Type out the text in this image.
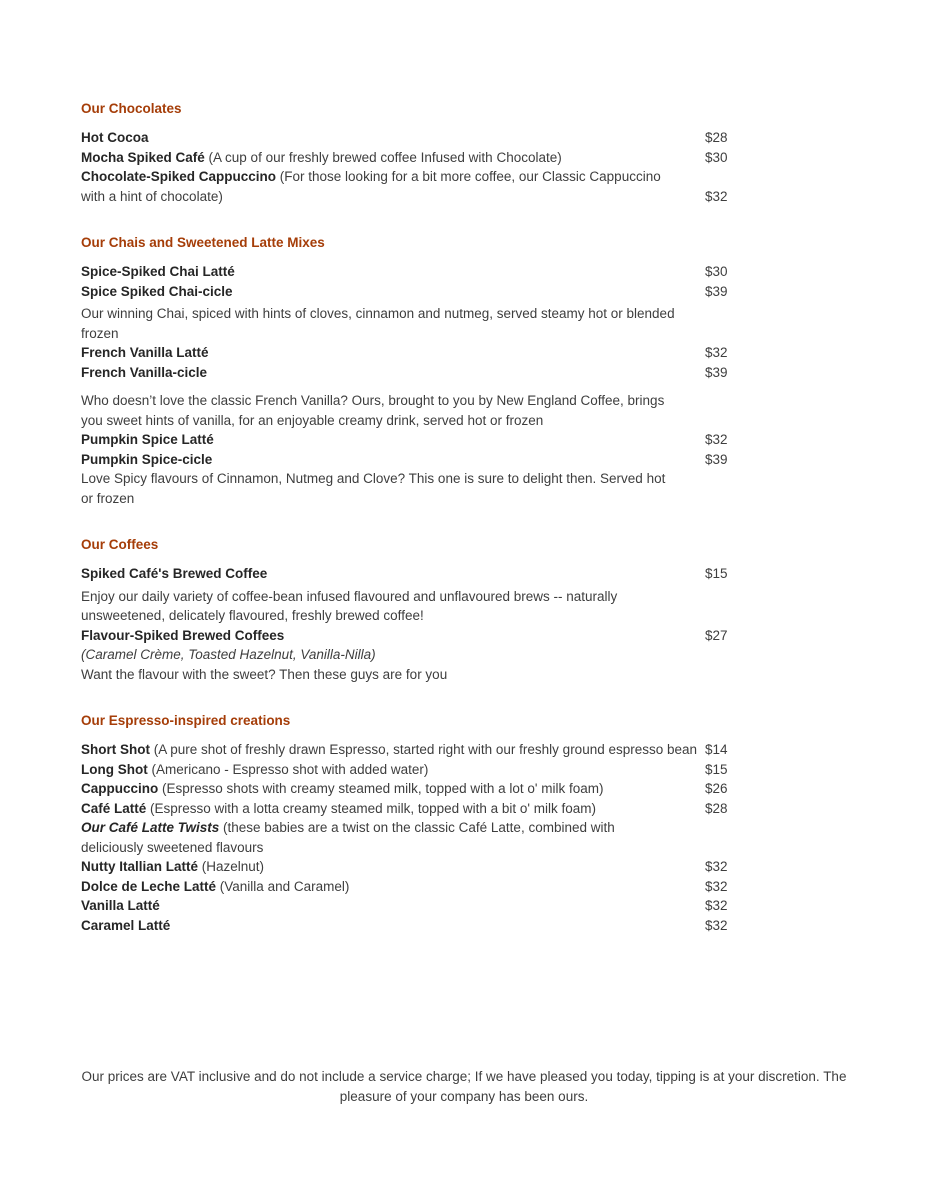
Our Chocolates
Hot Cocoa	$28
Mocha Spiked Café (A cup of our freshly brewed coffee Infused with Chocolate)	$30
Chocolate-Spiked Cappuccino (For those looking for a bit more coffee, our Classic Cappuccino with a hint of chocolate)	$32
Our Chais and Sweetened Latte Mixes
Spice-Spiked Chai Latté	$30
Spice Spiked Chai-cicle	$39

Our winning Chai, spiced with hints of cloves, cinnamon and nutmeg, served steamy hot or blended frozen

French Vanilla Latté	$32
French Vanilla-cicle	$39

Who doesn’t love the classic French Vanilla? Ours, brought to you by New England Coffee, brings you sweet hints of vanilla, for an enjoyable creamy drink, served hot or frozen

Pumpkin Spice Latté	$32
Pumpkin Spice-cicle	$39

Love Spicy flavours of Cinnamon, Nutmeg and Clove? This one is sure to delight then. Served hot or frozen

Our Coffees
Spiked Café's Brewed Coffee	$15

Enjoy our daily variety of coffee-bean infused flavoured and unflavoured brews -- naturally unsweetened, delicately flavoured, freshly brewed coffee!

Flavour-Spiked Brewed Coffees	$27

(Caramel Crème, Toasted Hazelnut, Vanilla-Nilla)

Want the flavour with the sweet? Then these guys are for you

Our Espresso-inspired creations
Short Shot (A pure shot of freshly drawn Espresso, started right with our freshly ground espresso bean $14
Long Shot (Americano - Espresso shot with added water)	$15
Cappuccino (Espresso shots with creamy steamed milk, topped with a lot o' milk foam)	$26
Café Latté (Espresso with a lotta creamy steamed milk, topped with a bit o' milk foam)	$28

Our Café Latte Twists (these babies are a twist on the classic Café Latte, combined with deliciously sweetened flavours

Nutty Itallian Latté (Hazelnut)	$32
Dolce de Leche Latté (Vanilla and Caramel)	$32
Vanilla Latté	$32
Caramel Latté	$32
Our prices are VAT inclusive and do not include a service charge; If we have pleased you today, tipping is at your discretion. The pleasure of your company has been ours.
